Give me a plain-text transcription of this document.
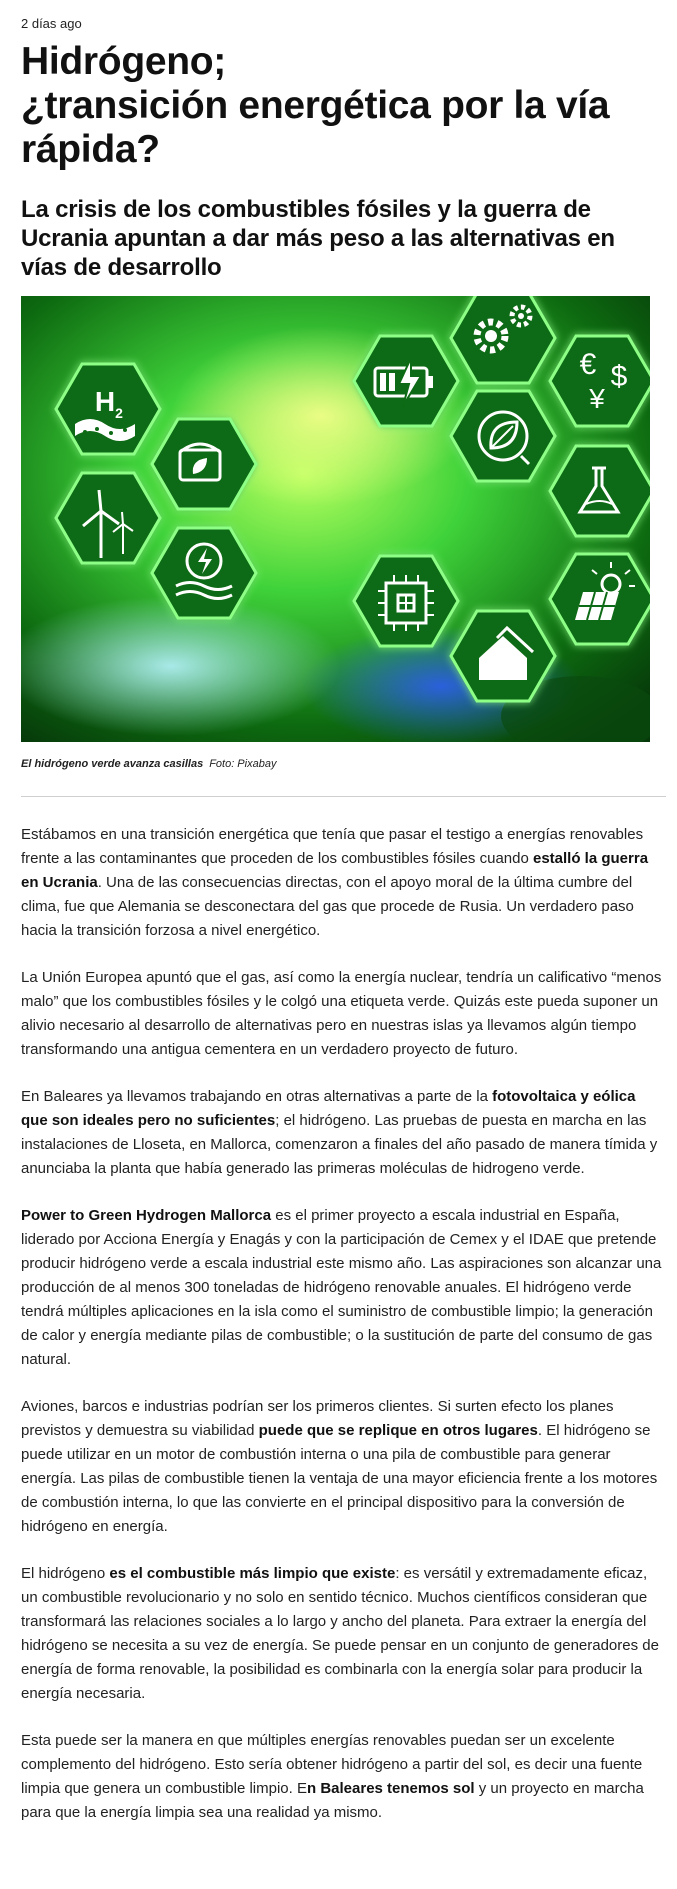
2 días ago
Hidrógeno;
¿transición energética por la vía
rápida?
La crisis de los combustibles fósiles y la guerra de Ucrania apuntan a dar más peso a las alternativas en vías de desarrollo
H 2
€ $
¥
El hidrógeno verde avanza casillas Foto: Pixabay

Estábamos en una transición energética que tenía que pasar el testigo a energías renovables frente a las contaminantes que proceden de los combustibles fósiles cuando estalló la guerra en Ucrania. Una de las consecuencias directas, con el apoyo moral de la última cumbre del clima, fue que Alemania se desconectara del gas que procede de Rusia. Un verdadero paso hacia la transición forzosa a nivel energético.

La Unión Europea apuntó que el gas, así como la energía nuclear, tendría un calificativo “menos malo” que los combustibles fósiles y le colgó una etiqueta verde. Quizás este pueda suponer un alivio necesario al desarrollo de alternativas pero en nuestras islas ya llevamos algún tiempo transformando una antigua cementera en un verdadero proyecto de futuro.

En Baleares ya llevamos trabajando en otras alternativas a parte de la fotovoltaica y eólica que son ideales pero no suficientes; el hidrógeno. Las pruebas de puesta en marcha en las instalaciones de Lloseta, en Mallorca, comenzaron a finales del año pasado de manera tímida y anunciaba la planta que había generado las primeras moléculas de hidrogeno verde.

Power to Green Hydrogen Mallorca es el primer proyecto a escala industrial en España, liderado por Acciona Energía y Enagás y con la participación de Cemex y el IDAE que pretende producir hidrógeno verde a escala industrial este mismo año. Las aspiraciones son alcanzar una producción de al menos 300 toneladas de hidrógeno renovable anuales. El hidrógeno verde tendrá múltiples aplicaciones en la isla como el suministro de combustible limpio; la generación de calor y energía mediante pilas de combustible; o la sustitución de parte del consumo de gas natural.

Aviones, barcos e industrias podrían ser los primeros clientes. Si surten efecto los planes previstos y demuestra su viabilidad puede que se replique en otros lugares. El hidrógeno se puede utilizar en un motor de combustión interna o una pila de combustible para generar energía. Las pilas de combustible tienen la ventaja de una mayor eficiencia frente a los motores de combustión interna, lo que las convierte en el principal dispositivo para la conversión de hidrógeno en energía.

El hidrógeno es el combustible más limpio que existe: es versátil y extremadamente eficaz, un combustible revolucionario y no solo en sentido técnico. Muchos científicos consideran que transformará las relaciones sociales a lo largo y ancho del planeta. Para extraer la energía del hidrógeno se necesita a su vez de energía. Se puede pensar en un conjunto de generadores de energía de forma renovable, la posibilidad es combinarla con la energía solar para producir la energía necesaria.

Esta puede ser la manera en que múltiples energías renovables puedan ser un excelente complemento del hidrógeno. Esto sería obtener hidrógeno a partir del sol, es decir una fuente limpia que genera un combustible limpio. En Baleares tenemos sol y un proyecto en marcha para que la energía limpia sea una realidad ya mismo.
